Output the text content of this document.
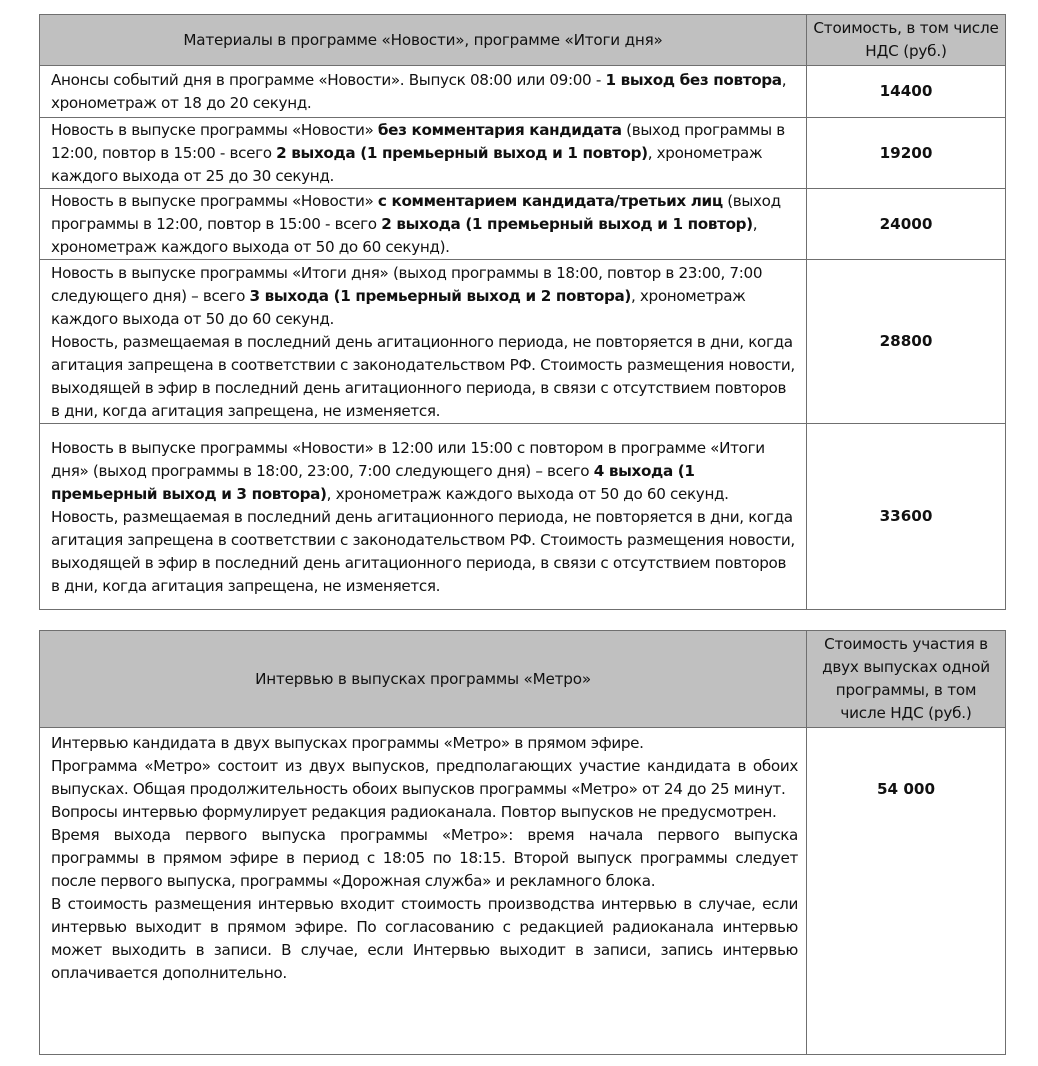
Материалы в программе «Новости», программе «Итоги дня»	Стоимость, в том числе НДС (руб.)
Анонсы событий дня в программе «Новости». Выпуск 08:00 или 09:00 - 1 выход без повтора, хронометраж от 18 до 20 секунд.	14400
Новость в выпуске программы «Новости» без комментария кандидата (выход программы в 12:00, повтор в 15:00 - всего 2 выхода (1 премьерный выход и 1 повтор), хронометраж каждого выхода от 25 до 30 секунд.	19200
Новость в выпуске программы «Новости» с комментарием кандидата/третьих лиц (выход программы в 12:00, повтор в 15:00 - всего 2 выхода (1 премьерный выход и 1 повтор), хронометраж каждого выхода от 50 до 60 секунд).	24000

Новость в выпуске программы «Итоги дня» (выход программы в 18:00, повтор в 23:00, 7:00 следующего дня) – всего 3 выхода (1 премьерный выход и 2 повтора), хронометраж каждого выхода от 50 до 60 секунд.

Новость, размещаемая в последний день агитационного периода, не повторяется в дни, когда агитация запрещена в соответствии с законодательством РФ. Стоимость размещения новости, выходящей в эфир в последний день агитационного периода, в связи с отсутствием повторов в дни, когда агитация запрещена, не изменяется.	28800

Новость в выпуске программы «Новости» в 12:00 или 15:00 с повтором в программе «Итоги дня» (выход программы в 18:00, 23:00, 7:00 следующего дня) – всего 4 выхода (1 премьерный выход и 3 повтора), хронометраж каждого выхода от 50 до 60 секунд.

Новость, размещаемая в последний день агитационного периода, не повторяется в дни, когда агитация запрещена в соответствии с законодательством РФ. Стоимость размещения новости, выходящей в эфир в последний день агитационного периода, в связи с отсутствием повторов в дни, когда агитация запрещена, не изменяется.	33600
Интервью в выпусках программы «Метро»	Стоимость участия в двух выпусках одной программы, в том числе НДС (руб.)

Интервью кандидата в двух выпусках программы «Метро» в прямом эфире.

Программа «Метро» состоит из двух выпусков, предполагающих участие кандидата в обоих выпусках. Общая продолжительность обоих выпусков программы «Метро» от 24 до 25 минут.

Вопросы интервью формулирует редакция радиоканала. Повтор выпусков не предусмотрен.

Время выхода первого выпуска программы «Метро»: время начала первого выпуска программы в прямом эфире в период с 18:05 по 18:15. Второй выпуск программы следует после первого выпуска, программы «Дорожная служба» и рекламного блока.

В стоимость размещения интервью входит стоимость производства интервью в случае, если интервью выходит в прямом эфире. По согласованию с редакцией радиоканала интервью может выходить в записи. В случае, если Интервью выходит в записи, запись интервью оплачивается дополнительно.	54 000
